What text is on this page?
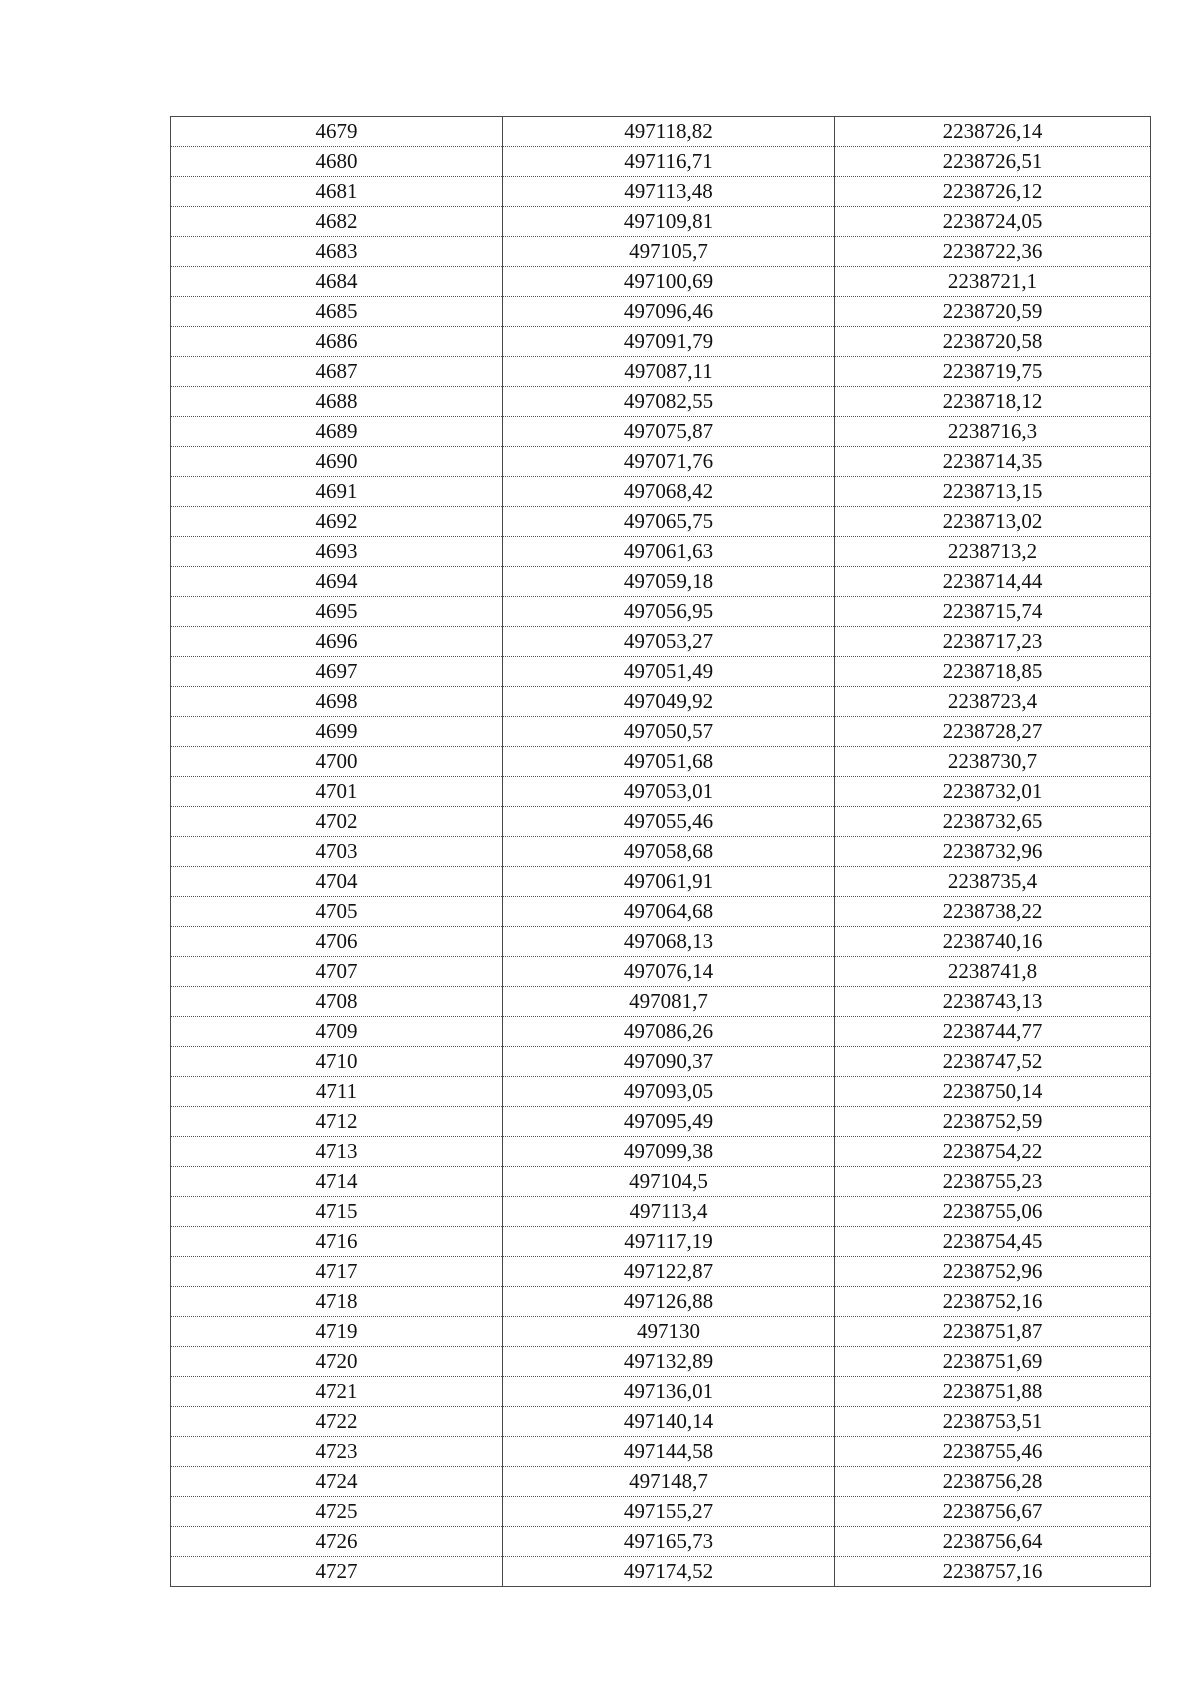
4679	497118,82	2238726,14
4680	497116,71	2238726,51
4681	497113,48	2238726,12
4682	497109,81	2238724,05
4683	497105,7	2238722,36
4684	497100,69	2238721,1
4685	497096,46	2238720,59
4686	497091,79	2238720,58
4687	497087,11	2238719,75
4688	497082,55	2238718,12
4689	497075,87	2238716,3
4690	497071,76	2238714,35
4691	497068,42	2238713,15
4692	497065,75	2238713,02
4693	497061,63	2238713,2
4694	497059,18	2238714,44
4695	497056,95	2238715,74
4696	497053,27	2238717,23
4697	497051,49	2238718,85
4698	497049,92	2238723,4
4699	497050,57	2238728,27
4700	497051,68	2238730,7
4701	497053,01	2238732,01
4702	497055,46	2238732,65
4703	497058,68	2238732,96
4704	497061,91	2238735,4
4705	497064,68	2238738,22
4706	497068,13	2238740,16
4707	497076,14	2238741,8
4708	497081,7	2238743,13
4709	497086,26	2238744,77
4710	497090,37	2238747,52
4711	497093,05	2238750,14
4712	497095,49	2238752,59
4713	497099,38	2238754,22
4714	497104,5	2238755,23
4715	497113,4	2238755,06
4716	497117,19	2238754,45
4717	497122,87	2238752,96
4718	497126,88	2238752,16
4719	497130	2238751,87
4720	497132,89	2238751,69
4721	497136,01	2238751,88
4722	497140,14	2238753,51
4723	497144,58	2238755,46
4724	497148,7	2238756,28
4725	497155,27	2238756,67
4726	497165,73	2238756,64
4727	497174,52	2238757,16
